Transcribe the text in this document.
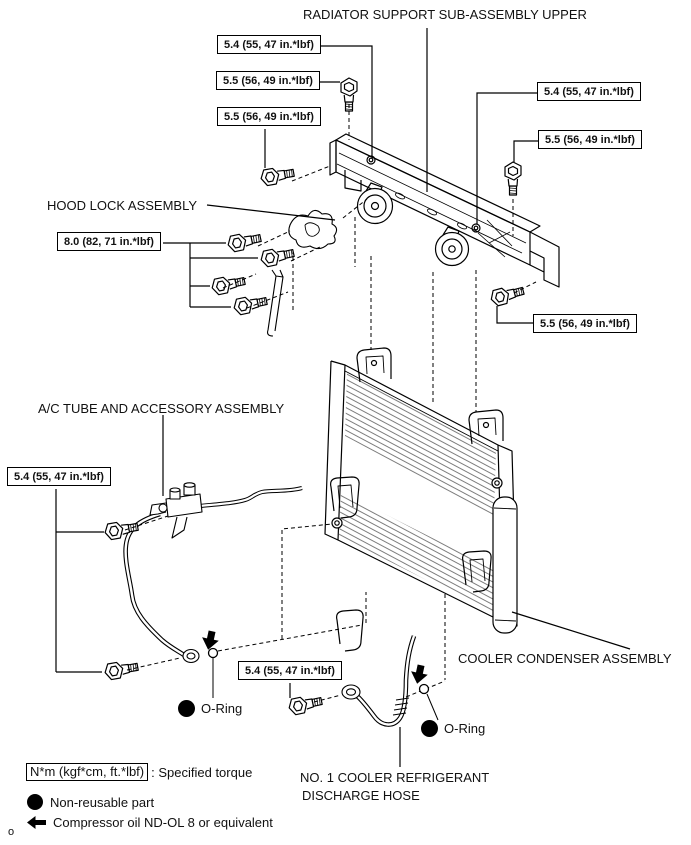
RADIATOR SUPPORT SUB-ASSEMBLY UPPER
5.4 (55, 47 in.*lbf)
5.5 (56, 49 in.*lbf)
5.5 (56, 49 in.*lbf)
5.4 (55, 47 in.*lbf)
5.5 (56, 49 in.*lbf)
5.5 (56, 49 in.*lbf)
8.0 (82, 71 in.*lbf)
5.4 (55, 47 in.*lbf)
5.4 (55, 47 in.*lbf)
HOOD LOCK ASSEMBLY
A/C TUBE AND ACCESSORY ASSEMBLY
COOLER CONDENSER ASSEMBLY
NO. 1 COOLER REFRIGERANT
DISCHARGE HOSE
O-Ring
O-Ring
N*m (kgf*cm, ft.*lbf) : Specified torque
Non-reusable part
Compressor oil ND-OL 8 or equivalent
o
